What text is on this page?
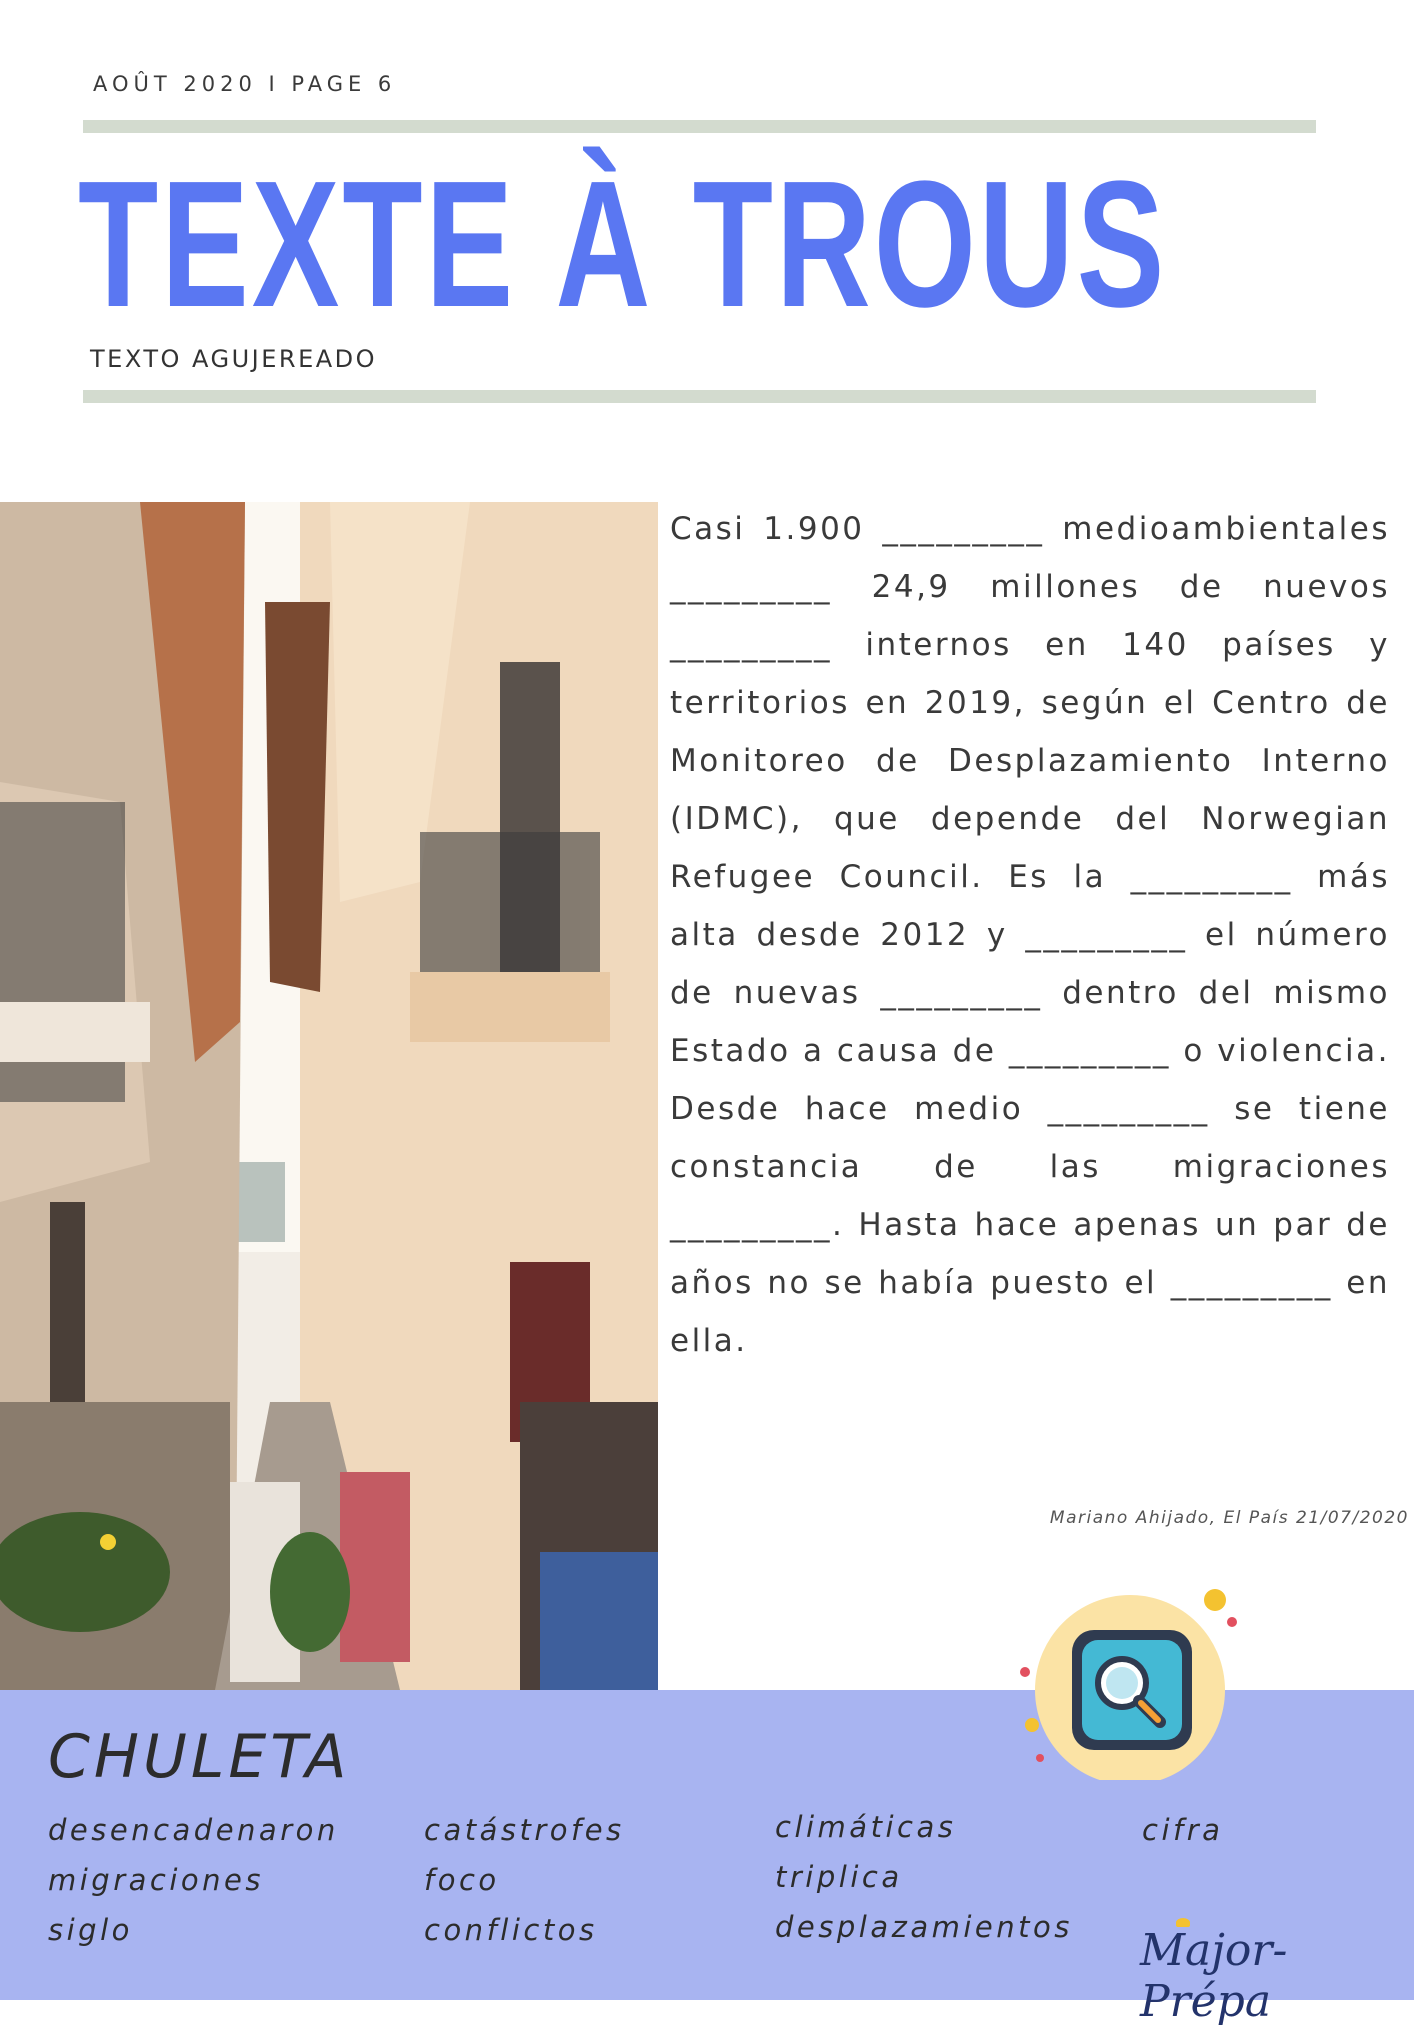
AOÛT 2020 I PAGE 6
TEXTE À TROUS
TEXTO AGUJEREADO

Casi 1.900 _________ medioambientales _________ 24,9 millones de nuevos _________ internos en 140 países y territorios en 2019, según el Centro de Monitoreo de Desplazamiento Interno (IDMC), que depende del Norwegian Refugee Council. Es la _________ más alta desde 2012 y _________ el número de nuevas _________ dentro del mismo Estado a causa de _________ o violencia. Desde hace medio _________ se tiene constancia de las migraciones _________. Hasta hace apenas un par de años no se había puesto el _________ en ella.

Mariano Ahijado, El País 21/07/2020
CHULETA
desencadenaron	catástrofes	climáticas	cifra
migraciones	foco	triplica
siglo	conflictos	desplazamientos Major-Prépa
